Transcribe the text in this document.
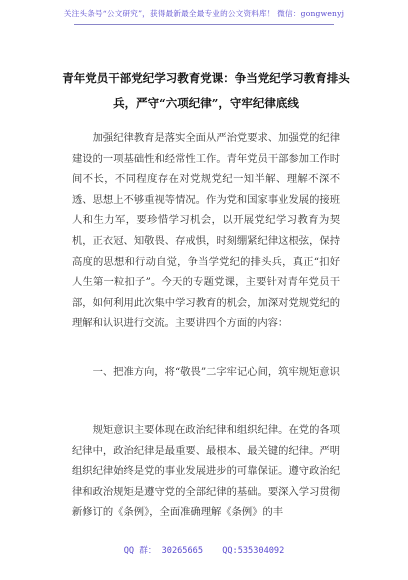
关注头条号“公文研究”，获得最新最全最专业的公文资料库！ 微信：gongwenyj
青年党员干部党纪学习教育党课：争当党纪学习教育排头兵，严守“六项纪律”，守牢纪律底线

加强纪律教育是落实全面从严治党要求、加强党的纪律建设的一项基础性和经常性工作。青年党员干部参加工作时间不长，不同程度存在对党规党纪一知半解、理解不深不透、思想上不够重视等情况。作为党和国家事业发展的接班人和生力军，要珍惜学习机会，以开展党纪学习教育为契机，正衣冠、知敬畏、存戒惧，时刻绷紧纪律这根弦，保持高度的思想和行动自觉，争当学党纪的排头兵，真正“扣好人生第一粒扣子”。今天的专题党课，主要针对青年党员干部，如何利用此次集中学习教育的机会，加深对党规党纪的理解和认识进行交流。主要讲四个方面的内容：

一、把准方向，将“敬畏”二字牢记心间，筑牢规矩意识

规矩意识主要体现在政治纪律和组织纪律。在党的各项纪律中，政治纪律是最重要、最根本、最关键的纪律。严明组织纪律始终是党的事业发展进步的可靠保证。遵守政治纪律和政治规矩是遵守党的全部纪律的基础。要深入学习贯彻新修订的《条例》，全面准确理解《条例》的丰

QQ 群： 30265665 QQ:535304092
